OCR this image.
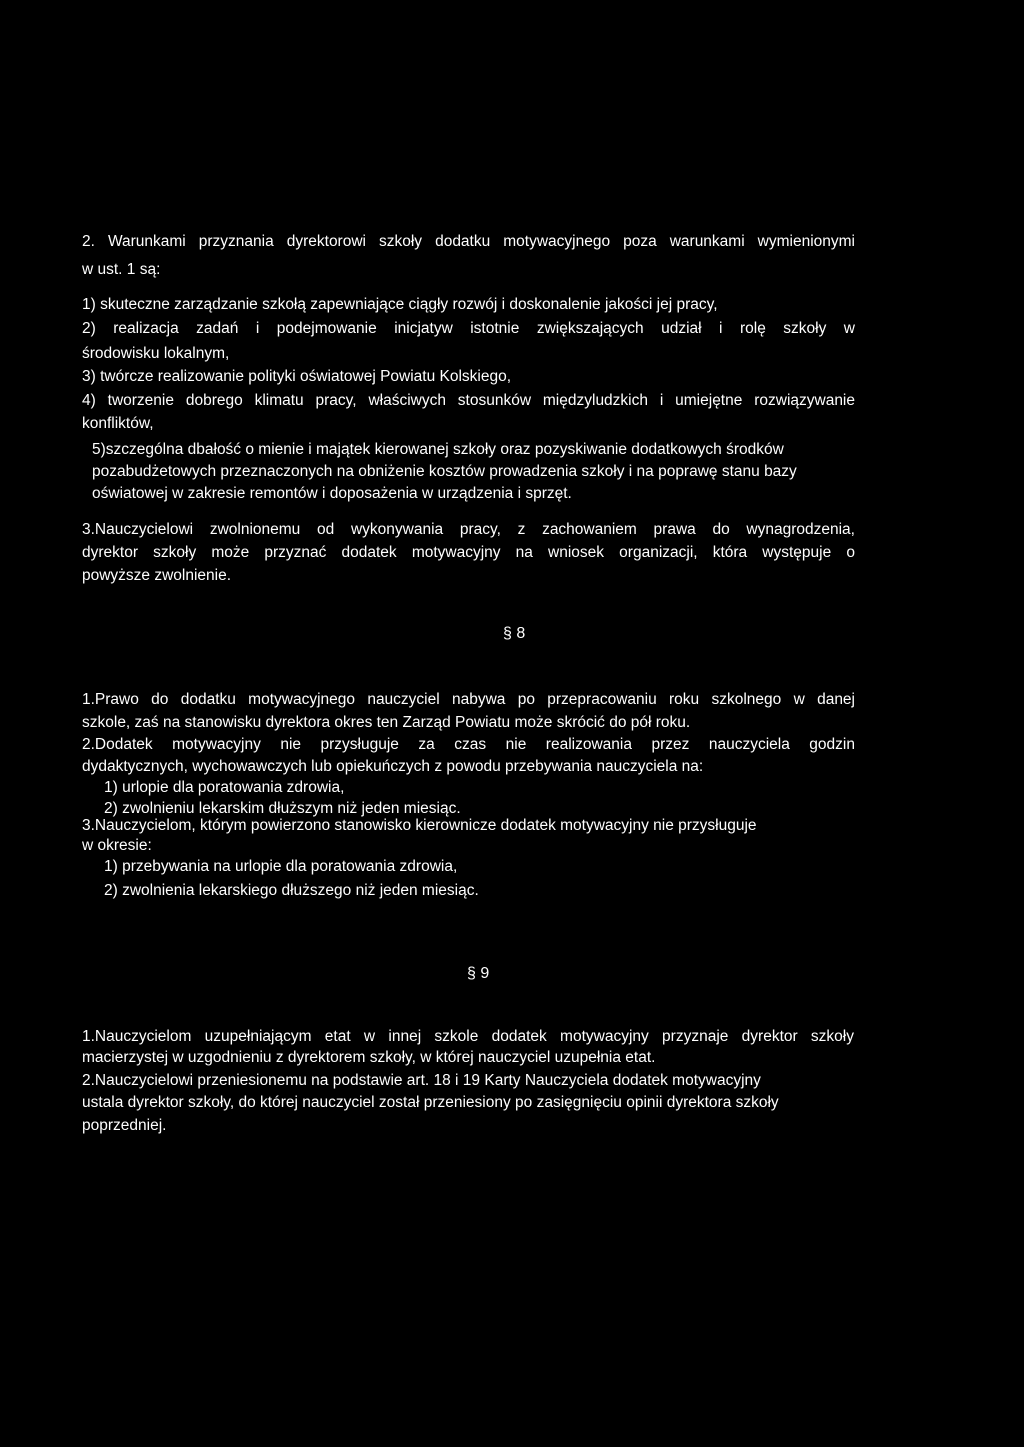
2. Warunkami przyznania dyrektorowi szkoły dodatku motywacyjnego poza warunkami wymienionymi
w ust. 1 są:
1) skuteczne zarządzanie szkołą zapewniające ciągły rozwój i doskonalenie jakości jej pracy,
2) realizacja zadań i podejmowanie inicjatyw istotnie zwiększających udział i rolę szkoły w
środowisku lokalnym,
3) twórcze realizowanie polityki oświatowej Powiatu Kolskiego,
4) tworzenie dobrego klimatu pracy, właściwych stosunków międzyludzkich i umiejętne rozwiązywanie
konfliktów,
5)szczególna dbałość o mienie i majątek kierowanej szkoły oraz pozyskiwanie dodatkowych środków
pozabudżetowych przeznaczonych na obniżenie kosztów prowadzenia szkoły i na poprawę stanu bazy
oświatowej w zakresie remontów i doposażenia w urządzenia i sprzęt.
3.Nauczycielowi zwolnionemu od wykonywania pracy, z zachowaniem prawa do wynagrodzenia,
dyrektor szkoły może przyznać dodatek motywacyjny na wniosek organizacji, która występuje o
powyższe zwolnienie.
§ 8
1.Prawo do dodatku motywacyjnego nauczyciel nabywa po przepracowaniu roku szkolnego w danej
szkole, zaś na stanowisku dyrektora okres ten Zarząd Powiatu może skrócić do pół roku.
2.Dodatek motywacyjny nie przysługuje za czas nie realizowania przez nauczyciela godzin
dydaktycznych, wychowawczych lub opiekuńczych z powodu przebywania nauczyciela na:
1) urlopie dla poratowania zdrowia,
2) zwolnieniu lekarskim dłuższym niż jeden miesiąc.
3.Nauczycielom, którym powierzono stanowisko kierownicze dodatek motywacyjny nie przysługuje
w okresie:
1) przebywania na urlopie dla poratowania zdrowia,
2) zwolnienia lekarskiego dłuższego niż jeden miesiąc.
§ 9
1.Nauczycielom uzupełniającym etat w innej szkole dodatek motywacyjny przyznaje dyrektor szkoły
macierzystej w uzgodnieniu z dyrektorem szkoły, w której nauczyciel uzupełnia etat.
2.Nauczycielowi przeniesionemu na podstawie art. 18 i 19 Karty Nauczyciela dodatek motywacyjny
ustala dyrektor szkoły, do której nauczyciel został przeniesiony po zasięgnięciu opinii dyrektora szkoły
poprzedniej.
